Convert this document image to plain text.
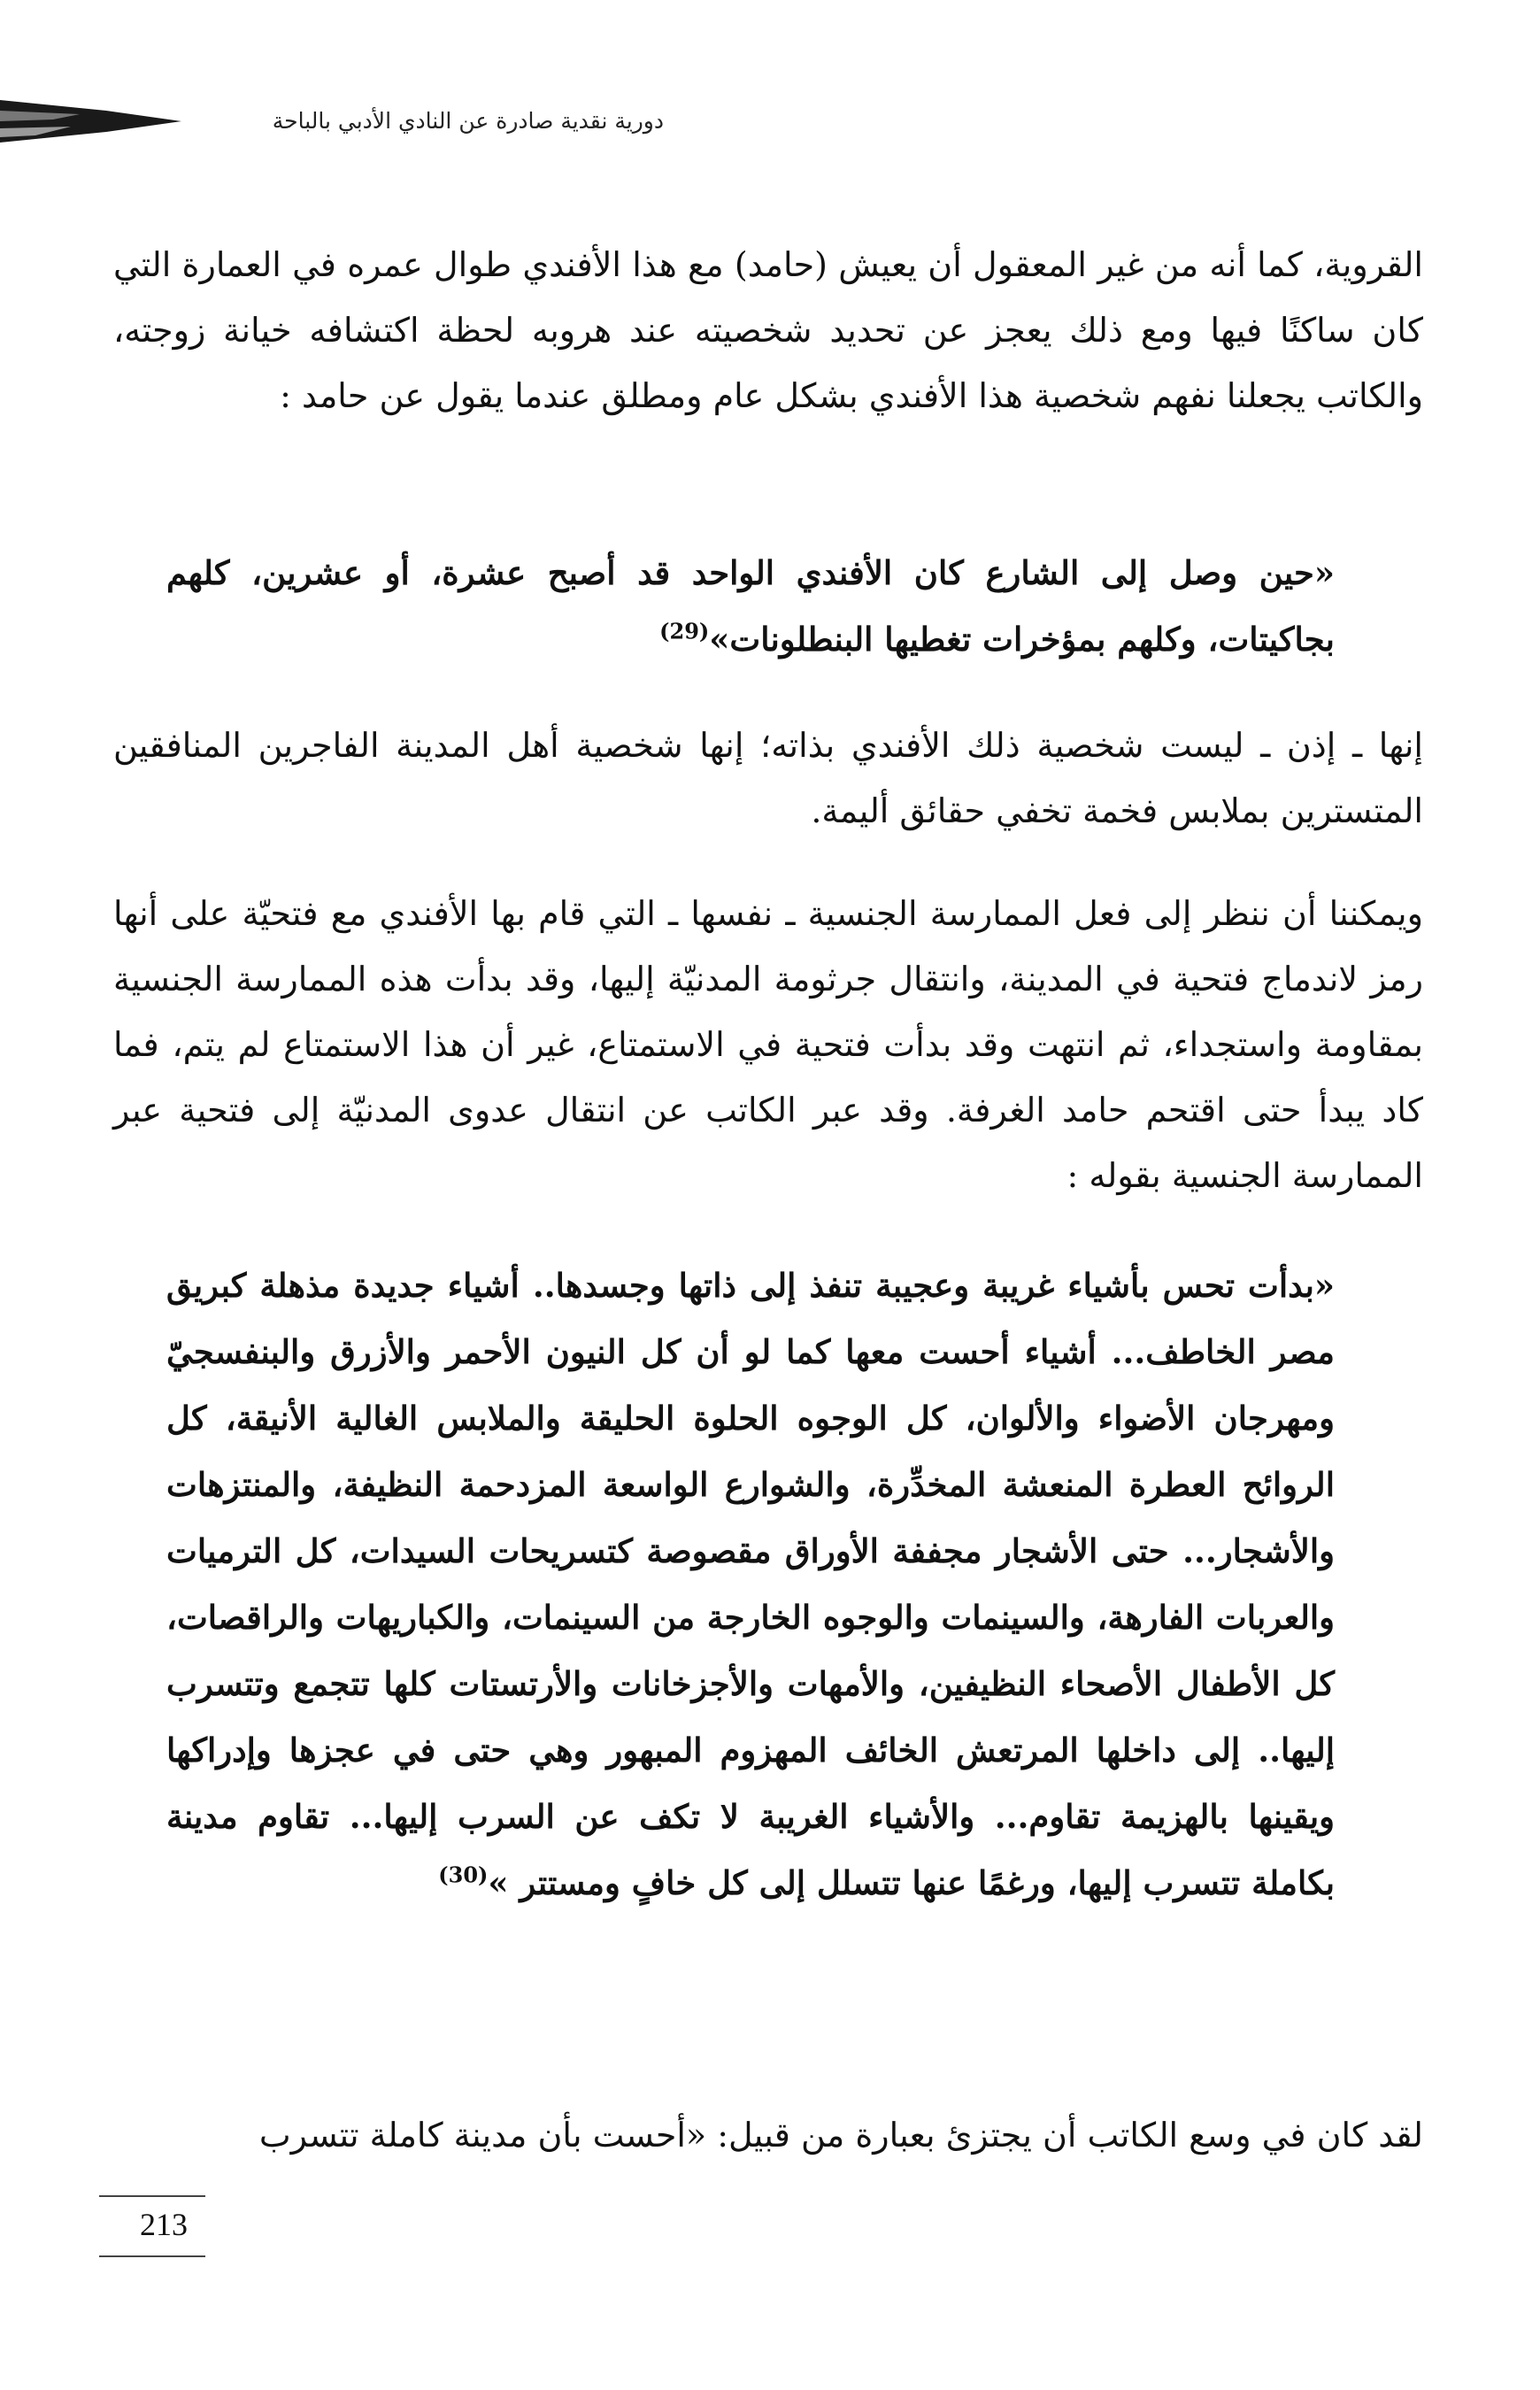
دورية نقدية صادرة عن النادي الأدبي بالباحة

القروية، كما أنه من غير المعقول أن يعيش (حامد) مع هذا الأفندي طوال عمره في العمارة التي كان ساكنًا فيها ومع ذلك يعجز عن تحديد شخصيته عند هروبه لحظة اكتشافه خيانة زوجته، والكاتب يجعلنا نفهم شخصية هذا الأفندي بشكل عام ومطلق عندما يقول عن حامد :

«حين وصل إلى الشارع كان الأفندي الواحد قد أصبح عشرة، أو عشرين، كلهم بجاكيتات، وكلهم بمؤخرات تغطيها البنطلونات»$^{(29)}$

إنها ـ إذن ـ ليست شخصية ذلك الأفندي بذاته؛ إنها شخصية أهل المدينة الفاجرين المنافقين المتسترين بملابس فخمة تخفي حقائق أليمة.

ويمكننا أن ننظر إلى فعل الممارسة الجنسية ـ نفسها ـ التي قام بها الأفندي مع فتحيّة على أنها رمز لاندماج فتحية في المدينة، وانتقال جرثومة المدنيّة إليها، وقد بدأت هذه الممارسة الجنسية بمقاومة واستجداء، ثم انتهت وقد بدأت فتحية في الاستمتاع، غير أن هذا الاستمتاع لم يتم، فما كاد يبدأ حتى اقتحم حامد الغرفة. وقد عبر الكاتب عن انتقال عدوى المدنيّة إلى فتحية عبر الممارسة الجنسية بقوله :

«بدأت تحس بأشياء غريبة وعجيبة تنفذ إلى ذاتها وجسدها.. أشياء جديدة مذهلة كبريق مصر الخاطف... أشياء أحست معها كما لو أن كل النيون الأحمر والأزرق والبنفسجيّ ومهرجان الأضواء والألوان، كل الوجوه الحلوة الحليقة والملابس الغالية الأنيقة، كل الروائح العطرة المنعشة المخدِّرة، والشوارع الواسعة المزدحمة النظيفة، والمنتزهات والأشجار... حتى الأشجار مجففة الأوراق مقصوصة كتسريحات السيدات، كل الترميات والعربات الفارهة، والسينمات والوجوه الخارجة من السينمات، والكباريهات والراقصات، كل الأطفال الأصحاء النظيفين، والأمهات والأجزخانات والأرتستات كلها تتجمع وتتسرب إليها.. إلى داخلها المرتعش الخائف المهزوم المبهور وهي حتى في عجزها وإدراكها ويقينها بالهزيمة تقاوم... والأشياء الغريبة لا تكف عن السرب إليها... تقاوم مدينة بكاملة تتسرب إليها، ورغمًا عنها تتسلل إلى كل خافٍ ومستتر »$^{(30)}$

لقد كان في وسع الكاتب أن يجتزئ بعبارة من قبيل: «أحست بأن مدينة كاملة تتسرب

213
